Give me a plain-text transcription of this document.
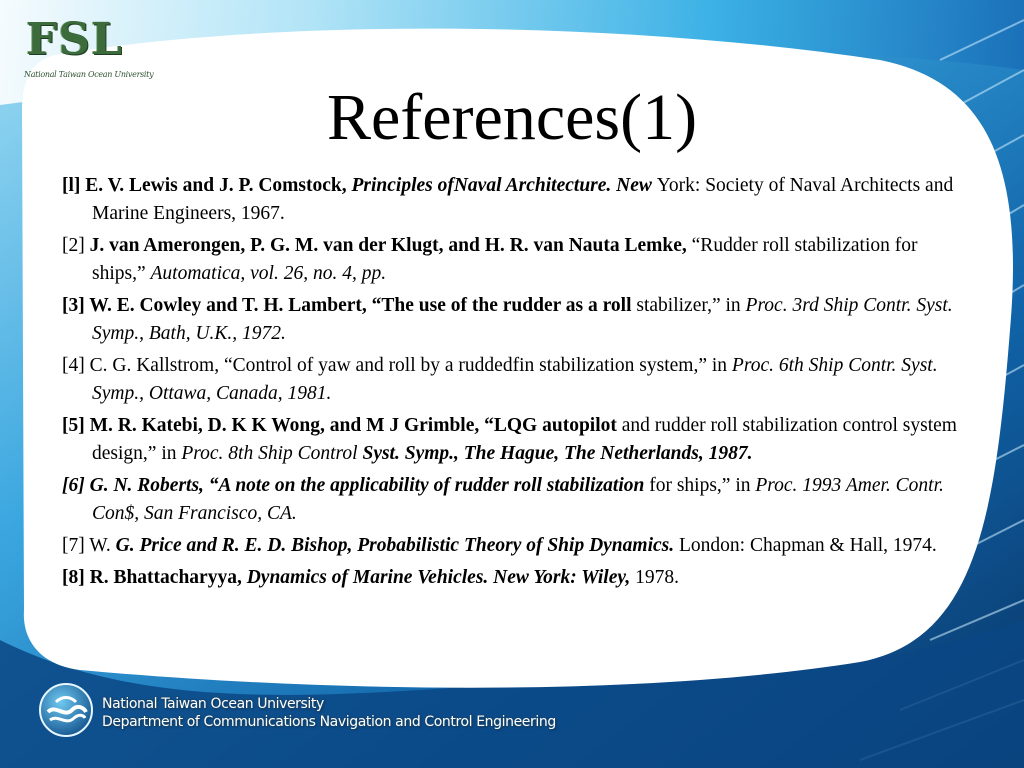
FSL
National Taiwan Ocean University
References(1)
[l] E. V. Lewis and J. P. Comstock, Principles ofNaval Architecture. New York: Society of Naval Architects and Marine Engineers, 1967.
[2] J. van Amerongen, P. G. M. van der Klugt, and H. R. van Nauta Lemke, “Rudder roll stabilization for ships,” Automatica, vol. 26, no. 4, pp.
[3] W. E. Cowley and T. H. Lambert, “The use of the rudder as a roll stabilizer,” in Proc. 3rd Ship Contr. Syst. Symp., Bath, U.K., 1972.
[4] C. G. Kallstrom, “Control of yaw and roll by a ruddedfin stabilization system,” in Proc. 6th Ship Contr. Syst. Symp., Ottawa, Canada, 1981.
[5] M. R. Katebi, D. K K Wong, and M J Grimble, “LQG autopilot and rudder roll stabilization control system design,” in Proc. 8th Ship Control Syst. Symp., The Hague, The Netherlands, 1987.
[6] G. N. Roberts, “A note on the applicability of rudder roll stabilization for ships,” in Proc. 1993 Amer. Contr. Con$, San Francisco, CA.
[7] W. G. Price and R. E. D. Bishop, Probabilistic Theory of Ship Dynamics. London: Chapman & Hall, 1974.
[8] R. Bhattacharyya, Dynamics of Marine Vehicles. New York: Wiley, 1978.
National Taiwan Ocean University
Department of Communications Navigation and Control Engineering
